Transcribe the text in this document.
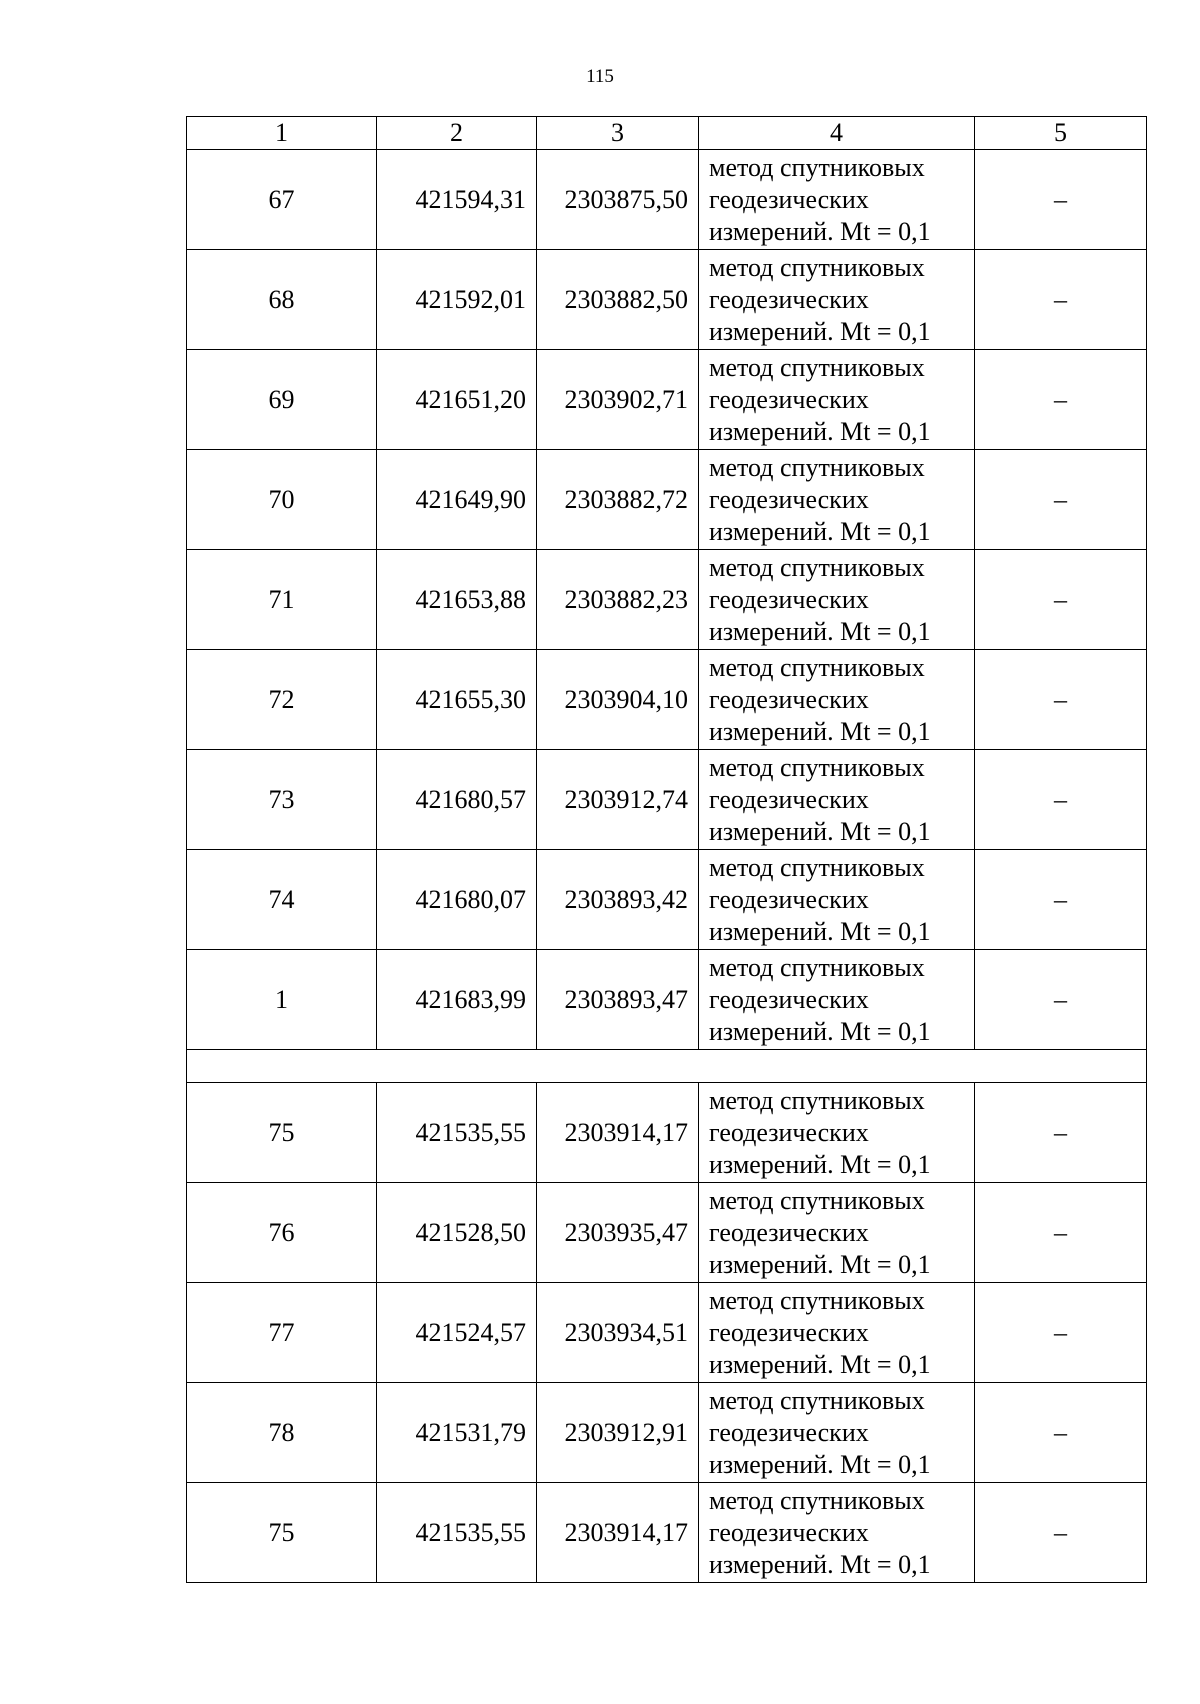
115
1	2	3	4	5
67	421594,31	2303875,50	метод спутниковых
геодезических
измерений. Mt = 0,1	–
68	421592,01	2303882,50	метод спутниковых
геодезических
измерений. Mt = 0,1	–
69	421651,20	2303902,71	метод спутниковых
геодезических
измерений. Mt = 0,1	–
70	421649,90	2303882,72	метод спутниковых
геодезических
измерений. Mt = 0,1	–
71	421653,88	2303882,23	метод спутниковых
геодезических
измерений. Mt = 0,1	–
72	421655,30	2303904,10	метод спутниковых
геодезических
измерений. Mt = 0,1	–
73	421680,57	2303912,74	метод спутниковых
геодезических
измерений. Mt = 0,1	–
74	421680,07	2303893,42	метод спутниковых
геодезических
измерений. Mt = 0,1	–
1	421683,99	2303893,47	метод спутниковых
геодезических
измерений. Mt = 0,1	–

75	421535,55	2303914,17	метод спутниковых
геодезических
измерений. Mt = 0,1	–
76	421528,50	2303935,47	метод спутниковых
геодезических
измерений. Mt = 0,1	–
77	421524,57	2303934,51	метод спутниковых
геодезических
измерений. Mt = 0,1	–
78	421531,79	2303912,91	метод спутниковых
геодезических
измерений. Mt = 0,1	–
75	421535,55	2303914,17	метод спутниковых
геодезических
измерений. Mt = 0,1	–
